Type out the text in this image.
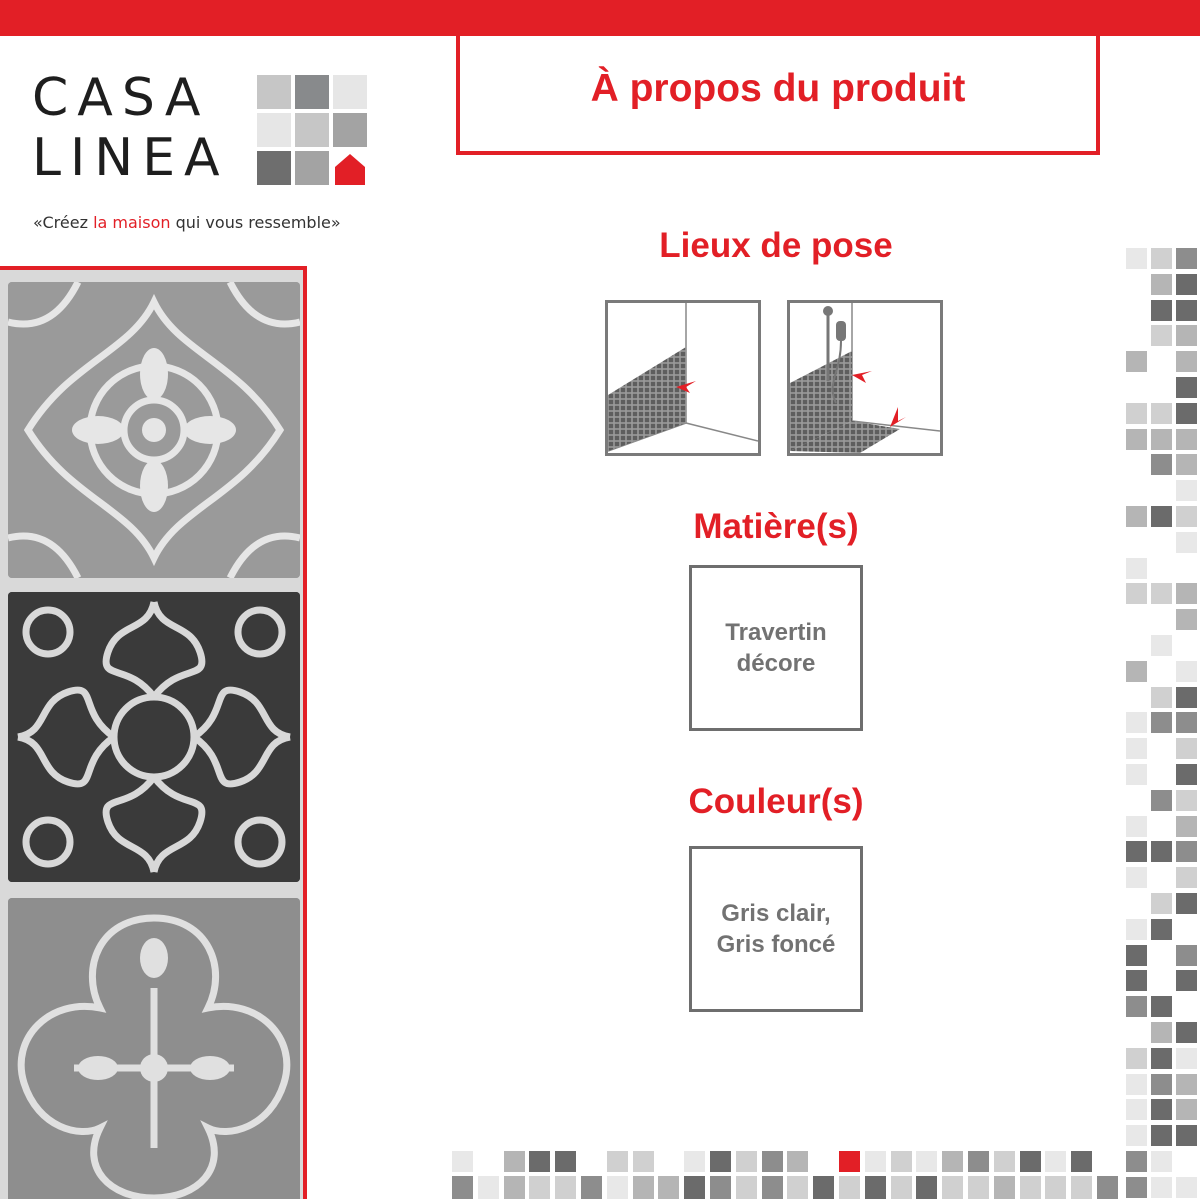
CASA
LINEA
«Créez la maison qui vous ressemble»
À propos du produit
Lieux de pose
Matière(s)
Travertin
décore
Couleur(s)
Gris clair,
Gris foncé
